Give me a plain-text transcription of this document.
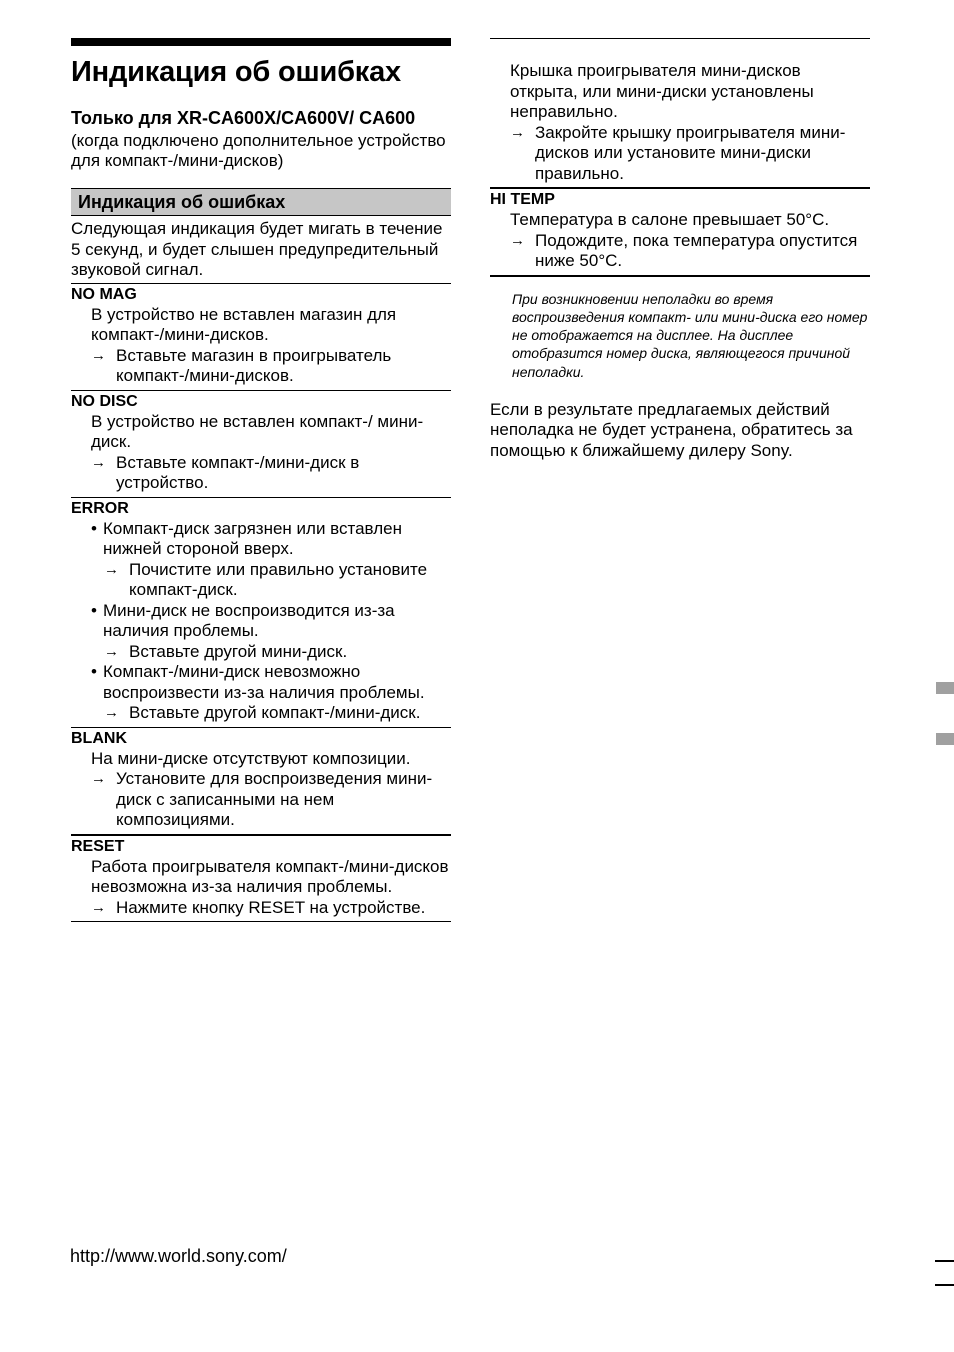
Индикация об ошибках
Только для XR-CA600X/CA600V/ CA600
(когда подключено дополнительное устройство для компакт-/мини-дисков)
Индикация об ошибках
Следующая индикация будет мигать в течение 5 секунд, и будет слышен предупредительный звуковой сигнал.
NO MAG
В устройство не вставлен магазин для компакт-/мини-дисков.
→ Вставьте магазин в проигрыватель компакт-/мини-дисков.
NO DISC
В устройство не вставлен компакт-/ мини-диск.
→ Вставьте компакт-/мини-диск в устройство.
ERROR
• Компакт-диск загрязнен или вставлен нижней стороной вверх.
→ Почистите или правильно установите компакт-диск.
• Мини-диск не воспроизводится из-за наличия проблемы.
→ Вставьте другой мини-диск.
• Компакт-/мини-диск невозможно воспроизвести из-за наличия проблемы.
→ Вставьте другой компакт-/мини-диск.
BLANK
На мини-диске отсутствуют композиции.
→ Установите для воспроизведения мини-диск с записанными на нем композициями.
RESET
Работа проигрывателя компакт-/мини-дисков невозможна из-за наличия проблемы.
→ Нажмите кнопку RESET на устройстве.
Крышка проигрывателя мини-дисков открыта, или мини-диски установлены неправильно.
→ Закройте крышку проигрывателя мини-дисков или установите мини-диски правильно.
HI TEMP
Температура в салоне превышает 50°C.
→ Подождите, пока температура опустится ниже 50°C.
При возникновении неполадки во время воспроизведения компакт- или мини-диска его номер не отображается на дисплее. На дисплее отобразится номер диска, являющегося причиной неполадки.
Если в результате предлагаемых действий неполадка не будет устранена, обратитесь за помощью к ближайшему дилеру Sony.
http://www.world.sony.com/
